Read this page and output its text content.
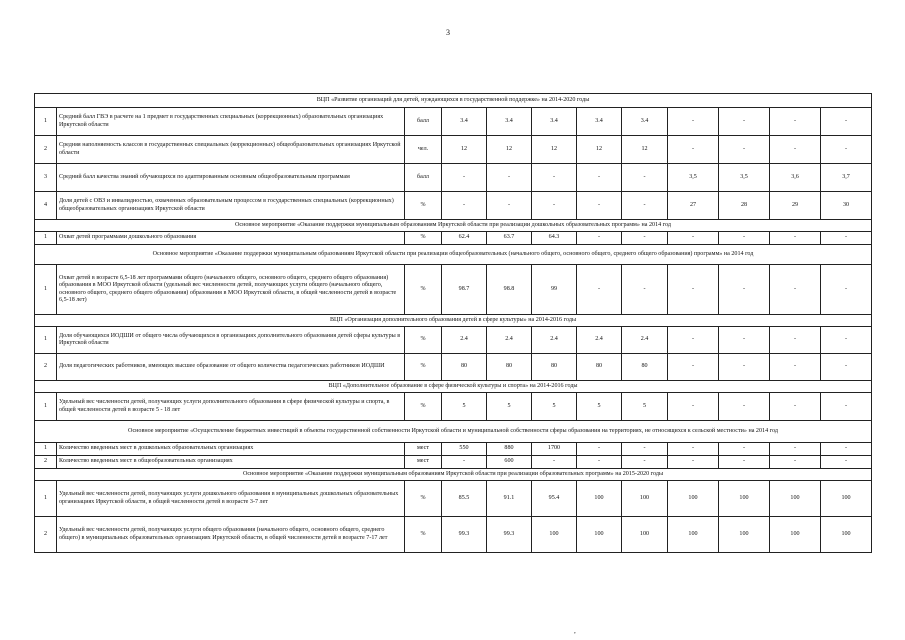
3
ВЦП «Развитие организаций для детей, нуждающихся в государственной поддержке» на 2014-2020 годы											
1	Средний балл ГВЭ в расчете на 1 предмет в государственных специальных (коррекционных) образовательных организациях Иркутской области	балл	3.4	3.4	3.4	3.4	3.4	-	-	-	-
2	Средняя наполняемость классов в государственных специальных (коррекционных) общеобразовательных организациях Иркутской области	чел.	12	12	12	12	12	-	-	-	-
3	Средний балл качества знаний обучающихся по адаптированным основным общеобразовательным программам	балл	-	-	-	-	-	3,5	3,5	3,6	3,7
4	Доля детей с ОВЗ и инвалидностью, охваченных образовательным процессом в государственных специальных (коррекционных) общеобразовательных организациях Иркутской области	%	-	-	-	-	-	27	28	29	30
Основное мероприятие «Оказание поддержки муниципальным образованиям Иркутской области при реализации дошкольных образовательных программ» на 2014 год											
1	Охват детей программами дошкольного образования	%	62.4	63.7	64.3	-	-	-	-	-	-
Основное мероприятие «Оказание поддержки муниципальным образованиям Иркутской области при реализации общеобразовательных (начального общего, основного общего, среднего общего образования) программ» на 2014 год											
1	Охват детей в возрасте 6,5-18 лет программами общего (начального общего, основного общего, среднего общего образования) образования в МОО Иркутской области (удельный вес численности детей, получающих услуги общего (начального общего, основного общего, среднего общего образования) образования в МОО Иркутской области, в общей численности детей в возрасте 6,5-18 лет)	%	98.7	98.8	99	-	-	-	-	-	-
ВЦП «Организация дополнительного образования детей в сфере культуры» на 2014-2016 годы											
1	Доля обучающихся ИОДШИ от общего числа обучающихся в организациях дополнительного образования детей сферы культуры в Иркутской области	%	2.4	2.4	2.4	2.4	2.4	-	-	-	-
2	Доля педагогических работников, имеющих высшее образование от общего количества педагогических работников ИОДШИ	%	80	80	80	80	80	-	-	-	-
ВЦП «Дополнительное образование в сфере физической культуры и спорта» на 2014-2016 годы											
1	Удельный вес численности детей, получающих услуги дополнительного образования в сфере физической культуры и спорта, в общей численности детей в возрасте 5 - 18 лет	%	5	5	5	5	5	-	-	-	-
Основное мероприятие «Осуществление бюджетных инвестиций в объекты государственной собственности Иркутской области и муниципальной собственности сферы образования на территориях, не относящихся к сельской местности» на 2014 год											
1	Количество введенных мест в дошкольных образовательных организациях	мест	550	880	1700	-	-	-	-	-	-
2	Количество введенных мест в общеобразовательных организациях	мест	-	600	-	-	-	-	-	-	-
Основное мероприятие «Оказание поддержки муниципальным образованиям Иркутской области при реализации образовательных программ» на 2015-2020 годы											
1	Удельный вес численности детей, получающих услуги дошкольного образования в муниципальных дошкольных образовательных организациях Иркутской области, в общей численности детей в возрасте 3-7 лет	%	85.5	91.1	95.4	100	100	100	100	100	100
2	Удельный вес численности детей, получающих услуги общего образования (начального общего, основного общего, среднего общего) в муниципальных образовательных организациях Иркутской области, в общей численности детей в возрасте 7-17 лет	%	99.3	99.3	100	100	100	100	100	100	100
,
